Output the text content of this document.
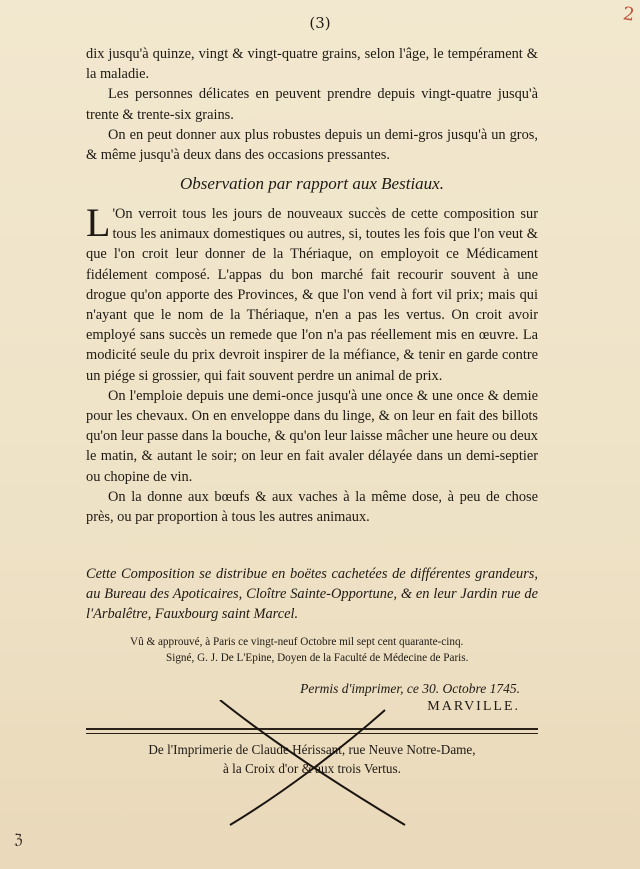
(3)	2
dix jusqu'à quinze, vingt & vingt-quatre grains, selon l'âge, le tempérament & la maladie.
Les personnes délicates en peuvent prendre depuis vingt-quatre jusqu'à trente & trente-six grains.
On en peut donner aux plus robustes depuis un demi-gros jusqu'à un gros, & même jusqu'à deux dans des occasions pressantes.
Observation par rapport aux Bestiaux.
L 'On verroit tous les jours de nouveaux succès de cette composition sur tous les animaux domestiques ou autres, si, toutes les fois que l'on veut & que l'on croit leur donner de la Thériaque, on employoit ce Médicament fidélement composé. L'appas du bon marché fait recourir souvent à une drogue qu'on apporte des Provinces, & que l'on vend à fort vil prix; mais qui n'ayant que le nom de la Thériaque, n'en a pas les vertus. On croit avoir employé sans succès un remede que l'on n'a pas réellement mis en œuvre. La modicité seule du prix devroit inspirer de la méfiance, & tenir en garde contre un piége si grossier, qui fait souvent perdre un animal de prix.
On l'emploie depuis une demi-once jusqu'à une once & une once & demie pour les chevaux. On en enveloppe dans du linge, & on leur en fait des billots qu'on leur passe dans la bouche, & qu'on leur laisse mâcher une heure ou deux le matin, & autant le soir; on leur en fait avaler délayée dans un demi-septier ou chopine de vin.
On la donne aux bœufs & aux vaches à la même dose, à peu de chose près, ou par proportion à tous les autres animaux.
Cette Composition se distribue en boëtes cachetées de différentes grandeurs, au Bureau des Apoticaires, Cloître Sainte-Opportune, & en leur Jardin rue de l'Arbalêtre, Fauxbourg saint Marcel.
Vû & approuvé, à Paris ce vingt-neuf Octobre mil sept cent quarante-cinq.
Signé, G. J. De L'Epine, Doyen de la Faculté de Médecine de Paris.
Permis d'imprimer, ce 30. Octobre 1745.
MARVILLE.
De l'Imprimerie de Claude Hérissant, rue Neuve Notre-Dame,
à la Croix d'or & aux trois Vertus.
ℨ
